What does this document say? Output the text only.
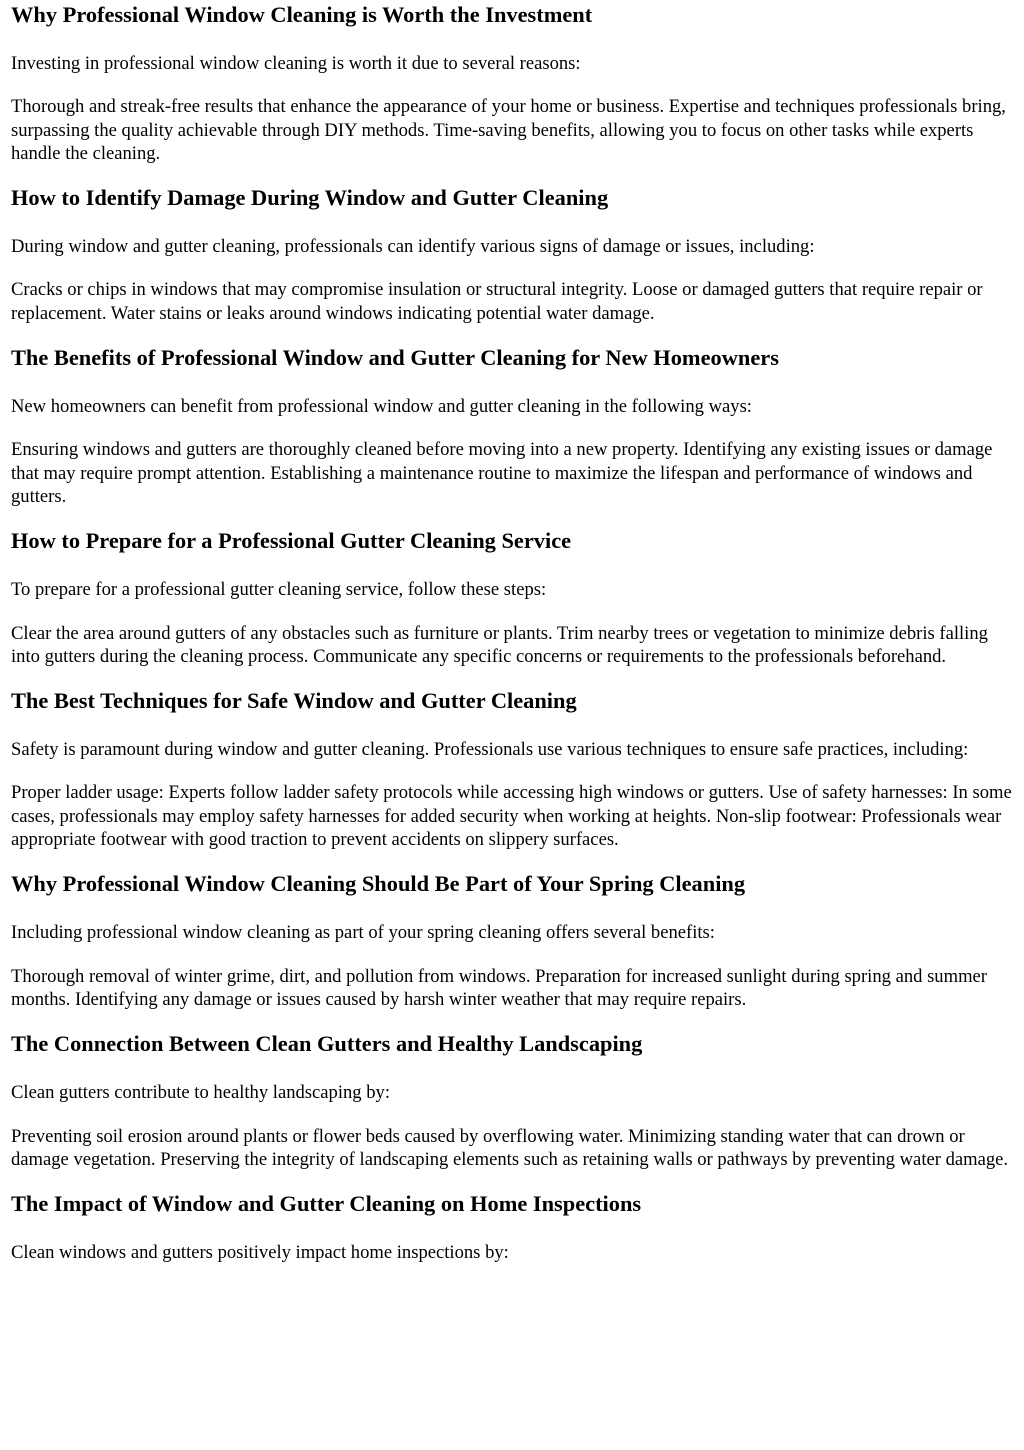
Why Professional Window Cleaning is Worth the Investment

Investing in professional window cleaning is worth it due to several reasons:

Thorough and streak-free results that enhance the appearance of your home or business. Expertise and techniques professionals bring, surpassing the quality achievable through DIY methods. Time-saving benefits, allowing you to focus on other tasks while experts handle the cleaning.

How to Identify Damage During Window and Gutter Cleaning

During window and gutter cleaning, professionals can identify various signs of damage or issues, including:

Cracks or chips in windows that may compromise insulation or structural integrity. Loose or damaged gutters that require repair or replacement. Water stains or leaks around windows indicating potential water damage.

The Benefits of Professional Window and Gutter Cleaning for New Homeowners

New homeowners can benefit from professional window and gutter cleaning in the following ways:

Ensuring windows and gutters are thoroughly cleaned before moving into a new property. Identifying any existing issues or damage that may require prompt attention. Establishing a maintenance routine to maximize the lifespan and performance of windows and gutters.

How to Prepare for a Professional Gutter Cleaning Service

To prepare for a professional gutter cleaning service, follow these steps:

Clear the area around gutters of any obstacles such as furniture or plants. Trim nearby trees or vegetation to minimize debris falling into gutters during the cleaning process. Communicate any specific concerns or requirements to the professionals beforehand.

The Best Techniques for Safe Window and Gutter Cleaning

Safety is paramount during window and gutter cleaning. Professionals use various techniques to ensure safe practices, including:

Proper ladder usage: Experts follow ladder safety protocols while accessing high windows or gutters. Use of safety harnesses: In some cases, professionals may employ safety harnesses for added security when working at heights. Non-slip footwear: Professionals wear appropriate footwear with good traction to prevent accidents on slippery surfaces.

Why Professional Window Cleaning Should Be Part of Your Spring Cleaning

Including professional window cleaning as part of your spring cleaning offers several benefits:

Thorough removal of winter grime, dirt, and pollution from windows. Preparation for increased sunlight during spring and summer months. Identifying any damage or issues caused by harsh winter weather that may require repairs.

The Connection Between Clean Gutters and Healthy Landscaping

Clean gutters contribute to healthy landscaping by:

Preventing soil erosion around plants or flower beds caused by overflowing water. Minimizing standing water that can drown or damage vegetation. Preserving the integrity of landscaping elements such as retaining walls or pathways by preventing water damage.

The Impact of Window and Gutter Cleaning on Home Inspections

Clean windows and gutters positively impact home inspections by:
